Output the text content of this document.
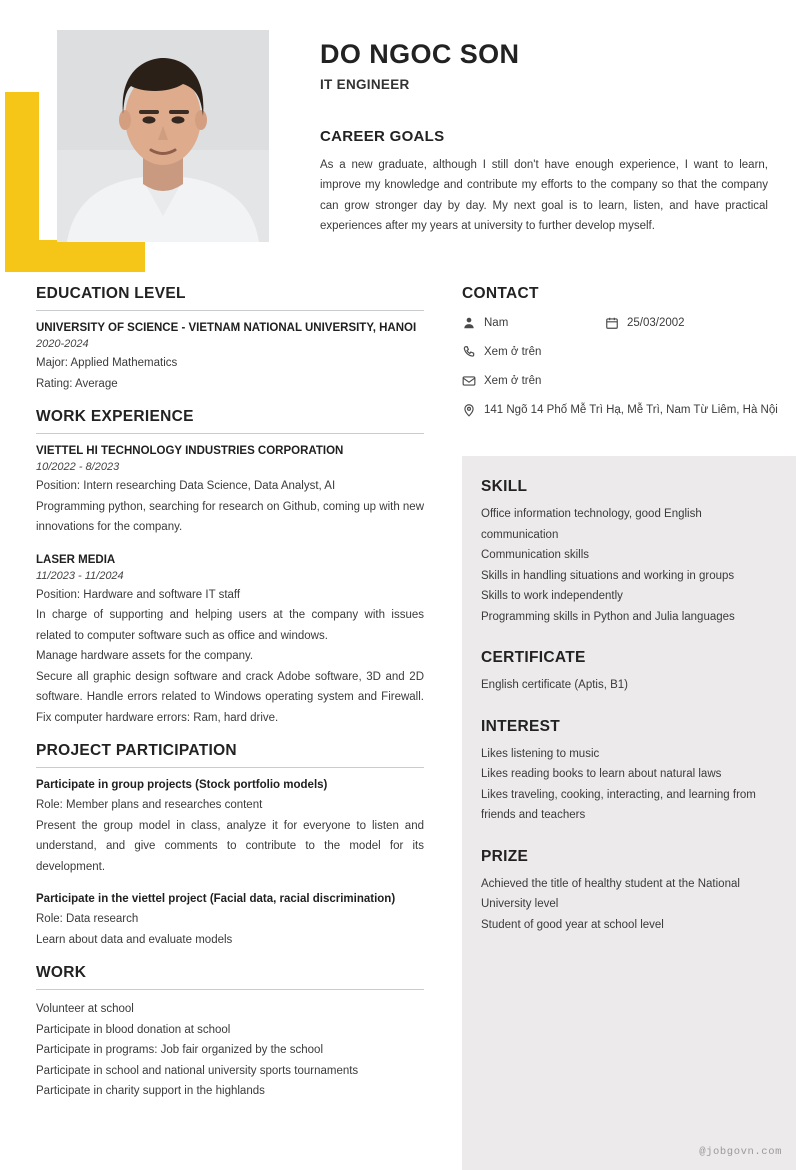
DO NGOC SON
IT ENGINEER
CAREER GOALS

As a new graduate, although I still don't have enough experience, I want to learn, improve my knowledge and contribute my efforts to the company so that the company can grow stronger day by day. My next goal is to learn, listen, and have practical experiences after my years at university to further develop myself.

EDUCATION LEVEL
UNIVERSITY OF SCIENCE - VIETNAM NATIONAL UNIVERSITY, HANOI
2020-2024

Major: Applied Mathematics

Rating: Average

WORK EXPERIENCE
VIETTEL HI TECHNOLOGY INDUSTRIES CORPORATION
10/2022 - 8/2023

Position: Intern researching Data Science, Data Analyst, AI

Programming python, searching for research on Github, coming up with new innovations for the company.

LASER MEDIA
11/2023 - 11/2024

Position: Hardware and software IT staff

In charge of supporting and helping users at the company with issues related to computer software such as office and windows.

Manage hardware assets for the company.

Secure all graphic design software and crack Adobe software, 3D and 2D software. Handle errors related to Windows operating system and Firewall. Fix computer hardware errors: Ram, hard drive.

PROJECT PARTICIPATION
Participate in group projects (Stock portfolio models)

Role: Member plans and researches content

Present the group model in class, analyze it for everyone to listen and understand, and give comments to contribute to the model for its development.

Participate in the viettel project (Facial data, racial discrimination)

Role: Data research

Learn about data and evaluate models

WORK

Volunteer at school

Participate in blood donation at school

Participate in programs: Job fair organized by the school

Participate in school and national university sports tournaments

Participate in charity support in the highlands

CONTACT
Nam	25/03/2002
Xem ở trên
Xem ở trên
141 Ngõ 14 Phố Mễ Trì Hạ, Mễ Trì, Nam Từ Liêm, Hà Nội
SKILL

Office information technology, good English communication

Communication skills

Skills in handling situations and working in groups

Skills to work independently

Programming skills in Python and Julia languages

CERTIFICATE

English certificate (Aptis, B1)

INTEREST

Likes listening to music

Likes reading books to learn about natural laws

Likes traveling, cooking, interacting, and learning from friends and teachers

PRIZE

Achieved the title of healthy student at the National University level

Student of good year at school level

@jobgovn.com
